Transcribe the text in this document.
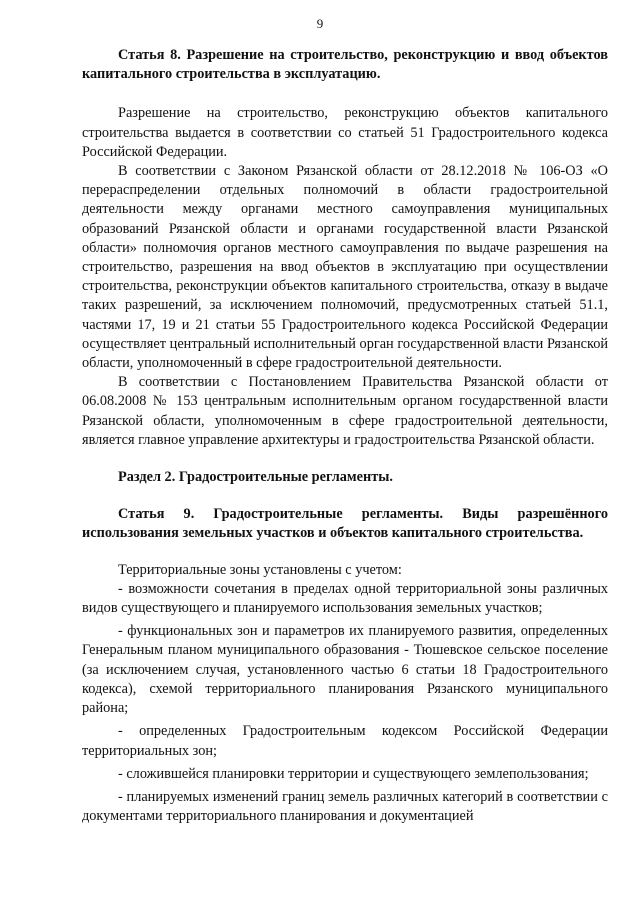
9

Статья 8. Разрешение на строительство, реконструкцию и ввод объектов капитального строительства в эксплуатацию.

Разрешение на строительство, реконструкцию объектов капитального строительства выдается в соответствии со статьей 51 Градостроительного кодекса Российской Федерации.

В соответствии с Законом Рязанской области от 28.12.2018 № 106-ОЗ «О перераспределении отдельных полномочий в области градостроительной деятельности между органами местного самоуправления муниципальных образований Рязанской области и органами государственной власти Рязанской области» полномочия органов местного самоуправления по выдаче разрешения на строительство, разрешения на ввод объектов в эксплуатацию при осуществлении строительства, реконструкции объектов капитального строительства, отказу в выдаче таких разрешений, за исключением полномочий, предусмотренных статьей 51.1, частями 17, 19 и 21 статьи 55 Градостроительного кодекса Российской Федерации осуществляет центральный исполнительный орган государственной власти Рязанской области, уполномоченный в сфере градостроительной деятельности.

В соответствии с Постановлением Правительства Рязанской области от 06.08.2008 № 153 центральным исполнительным органом государственной власти Рязанской области, уполномоченным в сфере градостроительной деятельности, является главное управление архитектуры и градостроительства Рязанской области.

Раздел 2. Градостроительные регламенты.

Статья 9. Градостроительные регламенты. Виды разрешённого использования земельных участков и объектов капитального строительства.

Территориальные зоны установлены с учетом:

- возможности сочетания в пределах одной территориальной зоны различных видов существующего и планируемого использования земельных участков;

- функциональных зон и параметров их планируемого развития, определенных Генеральным планом муниципального образования - Тюшевское сельское поселение (за исключением случая, установленного частью 6 статьи 18 Градостроительного кодекса), схемой территориального планирования Рязанского муниципального района;

- определенных Градостроительным кодексом Российской Федерации территориальных зон;

- сложившейся планировки территории и существующего землепользования;

- планируемых изменений границ земель различных категорий в соответствии с документами территориального планирования и документацией
